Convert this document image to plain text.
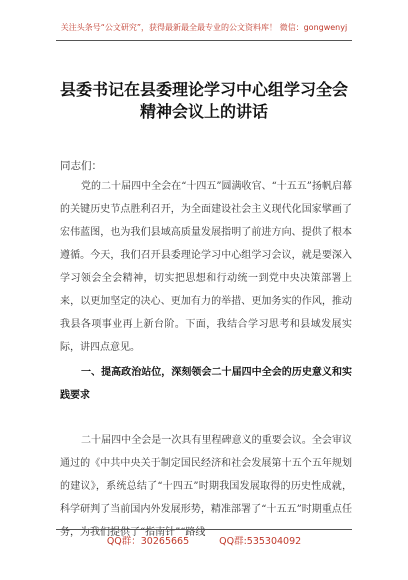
关注头条号“公文研究”，获得最新最全最专业的公文资料库！ 微信：gongwenyj
县委书记在县委理论学习中心组学习全会
精神会议上的讲话
同志们：

党的二十届四中全会在“十四五”圆满收官、“十五五”扬帆启幕的关键历史节点胜利召开，为全面建设社会主义现代化国家擘画了宏伟蓝图，也为我们县域高质量发展指明了前进方向、提供了根本遵循。今天，我们召开县委理论学习中心组学习会议，就是要深入学习领会全会精神，切实把思想和行动统一到党中央决策部署上来，以更加坚定的决心、更加有力的举措、更加务实的作风，推动我县各项事业再上新台阶。下面，我结合学习思考和县域发展实际，讲四点意见。

一、提高政治站位，深刻领会二十届四中全会的历史意义和实践要求

二十届四中全会是一次具有里程碑意义的重要会议。全会审议通过的《中共中央关于制定国民经济和社会发展第十五个五年规划的建议》，系统总结了“十四五”时期我国发展取得的历史性成就，科学研判了当前国内外发展形势，精准部署了“十五五”时期重点任务，为我们提供了“指南针”“路线

QQ群：30265665	QQ群:535304092
